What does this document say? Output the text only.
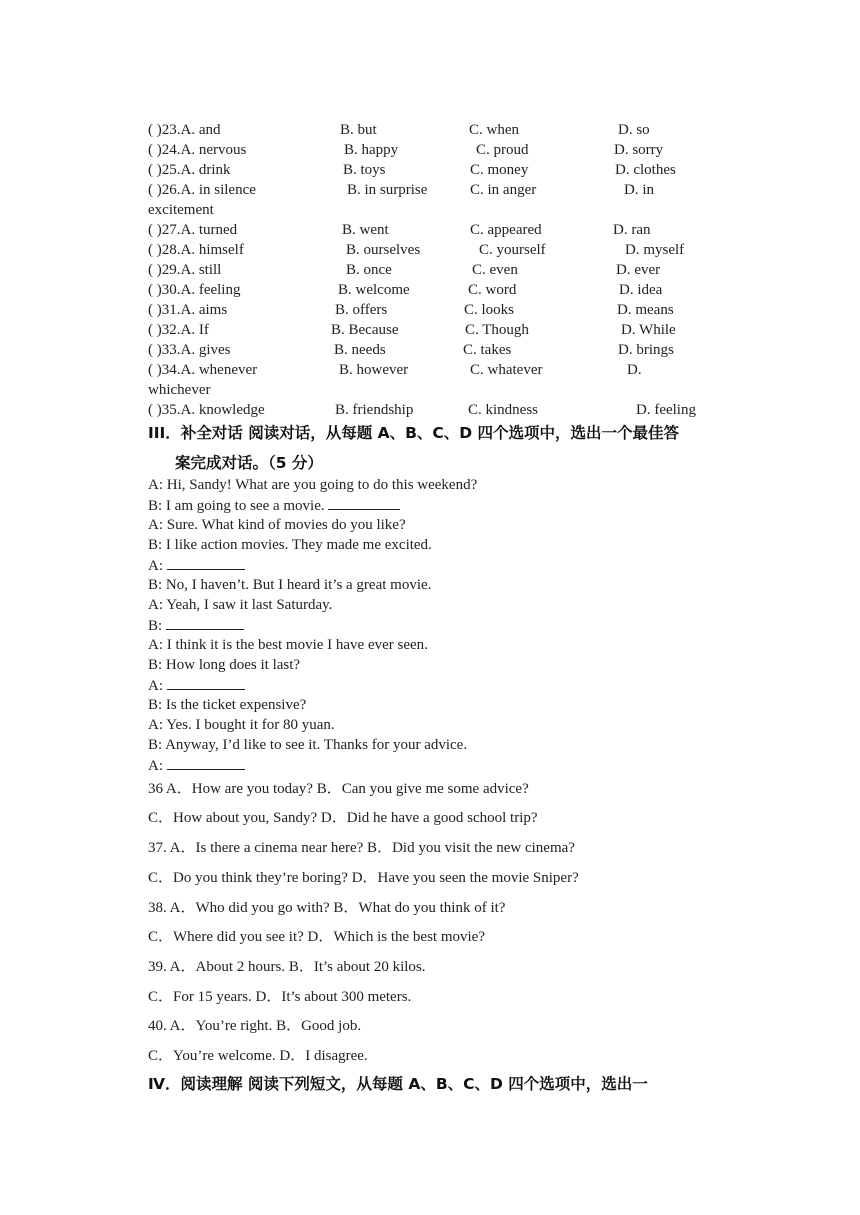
( )23.A. and	B. but	C. when	D. so
( )24.A. nervous	B. happy	C. proud	D. sorry
( )25.A. drink	B. toys	C. money	D. clothes
( )26.A. in silence	B. in surprise	C. in anger	D. in
excitement
( )27.A. turned	B. went	C. appeared	D. ran
( )28.A. himself	B. ourselves	C. yourself	D. myself
( )29.A. still	B. once	C. even	D. ever
( )30.A. feeling	B. welcome	C. word	D. idea
( )31.A. aims	B. offers	C. looks	D. means
( )32.A. If	B. Because	C. Though	D. While
( )33.A. gives	B. needs	C. takes	D. brings
( )34.A. whenever	B. however	C. whatever	D.
whichever
( )35.A. knowledge	B. friendship	C. kindness	D. feeling
III．补全对话 阅读对话，从每题 A、B、C、D 四个选项中，选出一个最佳答
案完成对话。（5 分）
A: Hi, Sandy! What are you going to do this weekend?
B: I am going to see a movie.
A: Sure. What kind of movies do you like?
B: I like action movies. They made me excited.
A:
B: No, I haven’t. But I heard it’s a great movie.
A: Yeah, I saw it last Saturday.
B:
A: I think it is the best movie I have ever seen.
B: How long does it last?
A:
B: Is the ticket expensive?
A: Yes. I bought it for 80 yuan.
B: Anyway, I’d like to see it. Thanks for your advice.
A:
36 A．How are you today? B．Can you give me some advice?
C．How about you, Sandy? D．Did he have a good school trip?
37. A．Is there a cinema near here? B．Did you visit the new cinema?
C．Do you think they’re boring? D．Have you seen the movie Sniper?
38. A．Who did you go with? B．What do you think of it?
C．Where did you see it? D．Which is the best movie?
39. A．About 2 hours. B．It’s about 20 kilos.
C．For 15 years. D．It’s about 300 meters.
40. A．You’re right. B．Good job.
C．You’re welcome. D．I disagree.
Ⅳ．阅读理解 阅读下列短文，从每题 A、B、C、D 四个选项中，选出一
